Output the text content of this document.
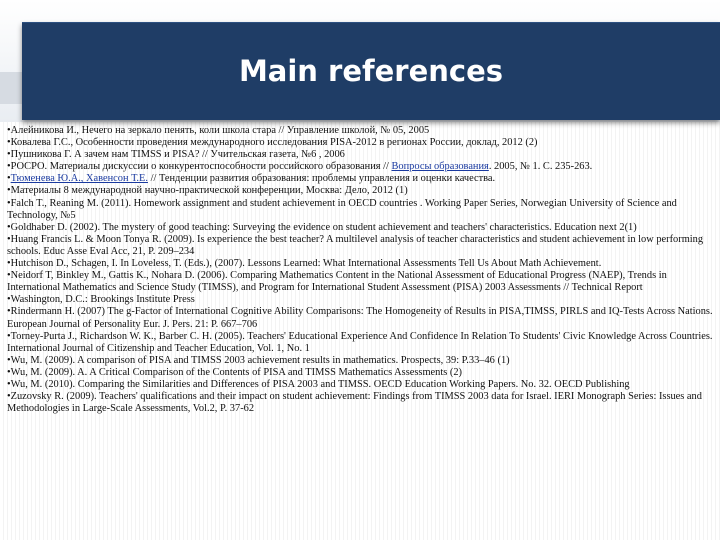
Main references

•Алейникова И., Нечего на зеркало пенять, коли школа стара // Управление школой, № 05, 2005

•Ковалева Г.С., Особенности проведения международного исследования PISA-2012 в регионах России, доклад, 2012 (2)

•Пушникова Г. А зачем нам TIMSS и PISA? // Учительская газета, №6 , 2006

•РОСРО. Материалы дискуссии о конкурентоспособности российского образования // Вопросы образования. 2005, № 1. С. 235-263.

•Тюменева Ю.А., Хавенсон Т.Е. // Тенденции развития образования: проблемы управления и оценки качества.

•Материалы 8 международной научно-практической конференции, Москва: Дело, 2012 (1)

•Falch T., Reaning M. (2011). Homework assignment and student achievement in OECD countries . Working Paper Series, Norwegian University of Science and Technology, №5

•Goldhaber D. (2002). The mystery of good teaching: Surveying the evidence on student achievement and teachers' characteristics. Education next 2(1)

•Huang Francis L. & Moon Tonya R. (2009). Is experience the best teacher? A multilevel analysis of teacher characteristics and student achievement in low performing schools. Educ Asse Eval Acc, 21, P. 209–234

•Hutchison D., Schagen, I. In Loveless, T. (Eds.), (2007). Lessons Learned: What International Assessments Tell Us About Math Achievement.

•Neidorf T, Binkley M., Gattis K., Nohara D. (2006). Comparing Mathematics Content in the National Assessment of Educational Progress (NAEP), Trends in International Mathematics and Science Study (TIMSS), and Program for International Student Assessment (PISA) 2003 Assessments // Technical Report

•Washington, D.C.: Brookings Institute Press

•Rindermann H. (2007) The g-Factor of International Cognitive Ability Comparisons: The Homogeneity of Results in PISA,TIMSS, PIRLS and IQ-Tests Across Nations. European Journal of Personality Eur. J. Pers. 21: P. 667–706

•Torney-Purta J., Richardson W. K., Barber C. H. (2005). Teachers' Educational Experience And Confidence In Relation To Students' Civic Knowledge Across Countries. International Journal of Citizenship and Teacher Education, Vol. 1, No. 1

•Wu, M. (2009). A comparison of PISA and TIMSS 2003 achievement results in mathematics. Prospects, 39: P.33–46 (1)

•Wu, M. (2009). A. A Critical Comparison of the Contents of PISA and TIMSS Mathematics Assessments (2)

•Wu, M. (2010). Comparing the Similarities and Differences of PISA 2003 and TIMSS. OECD Education Working Papers. No. 32. OECD Publishing

•Zuzovsky R. (2009). Teachers' qualifications and their impact on student achievement: Findings from TIMSS 2003 data for Israel. IERI Monograph Series: Issues and Methodologies in Large-Scale Assessments, Vol.2, P. 37-62
